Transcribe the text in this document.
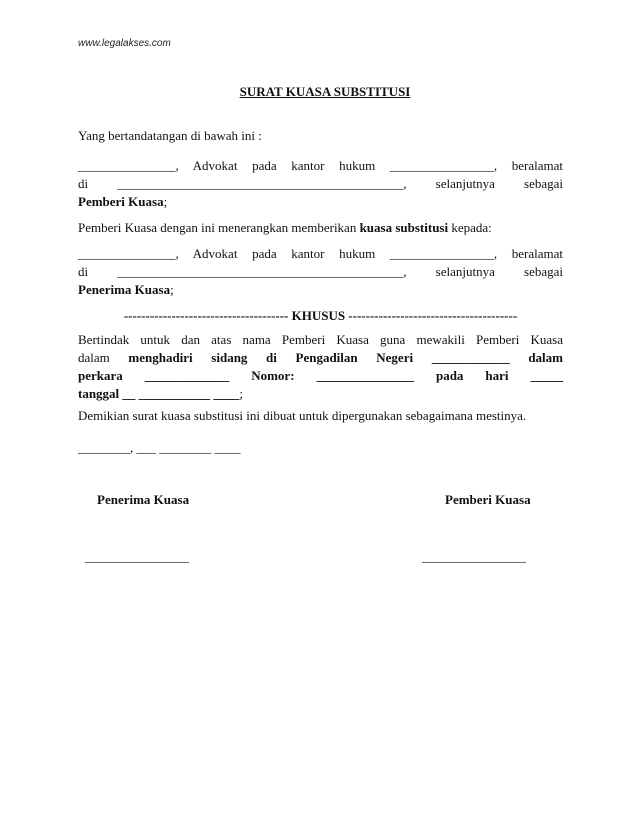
www.legalakses.com
SURAT KUASA SUBSTITUSI

Yang bertandatangan di bawah ini :

_______________, Advokat pada kantor hukum ________________, beralamat
di ____________________________________________, selanjutnya sebagai
Pemberi Kuasa;

Pemberi Kuasa dengan ini menerangkan memberikan kuasa substitusi kepada:

_______________, Advokat pada kantor hukum ________________, beralamat
di ____________________________________________, selanjutnya sebagai
Penerima Kuasa;
-------------------------------------- KHUSUS ---------------------------------------
Bertindak untuk dan atas nama Pemberi Kuasa guna mewakili Pemberi Kuasa
dalam menghadiri sidang di Pengadilan Negeri ____________ dalam
perkara _____________ Nomor: _______________ pada hari _____
tanggal __ ___________ ____;

Demikian surat kuasa substitusi ini dibuat untuk dipergunakan sebagaimana mestinya.

________, ___ ________ ____
Penerima Kuasa	Pemberi Kuasa
________________	________________
